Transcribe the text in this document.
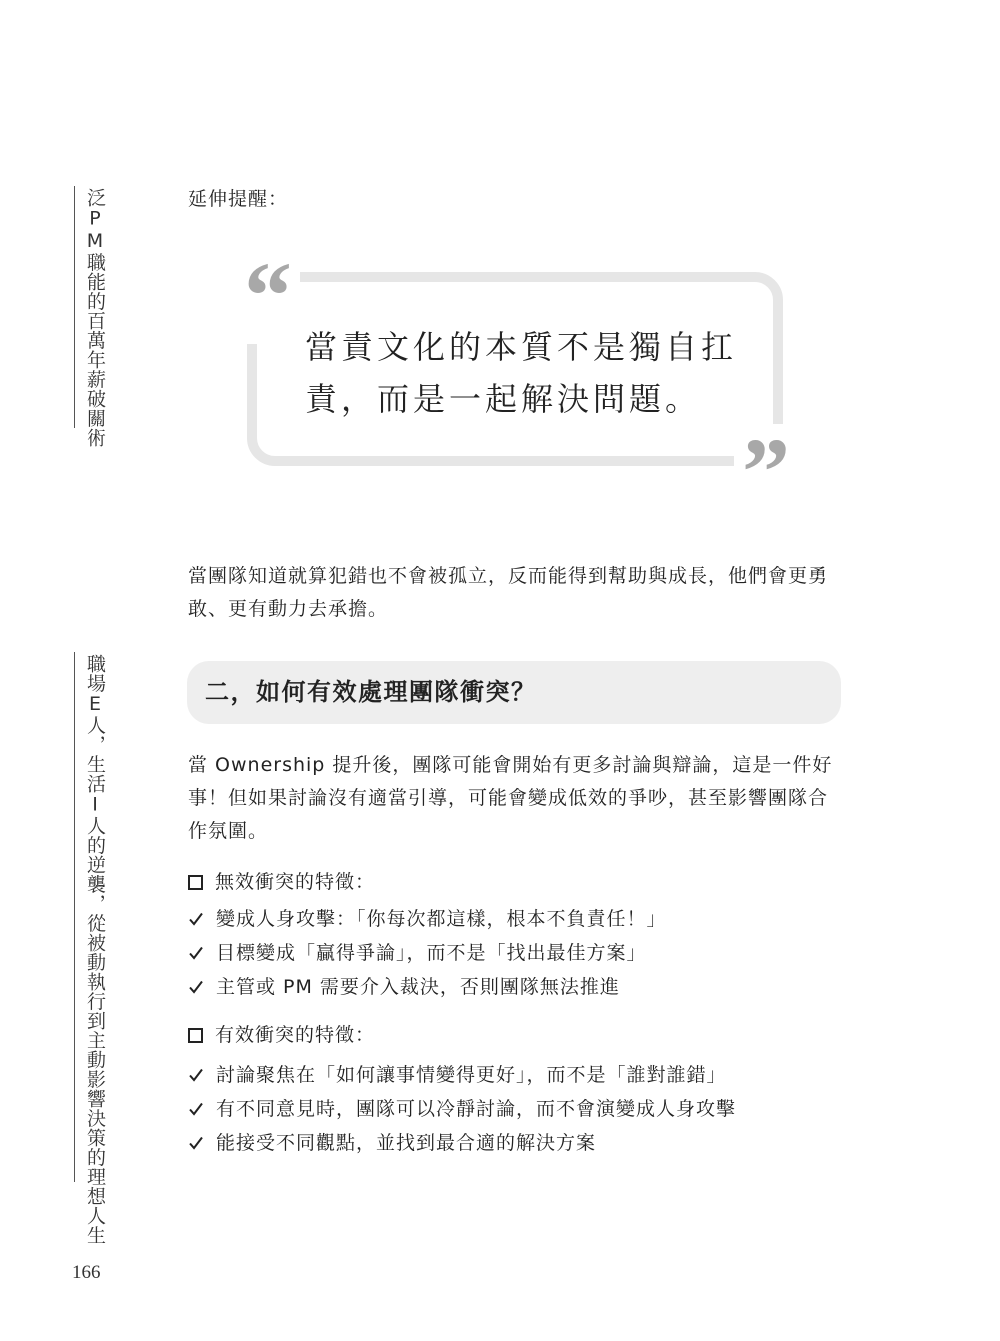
泛PM職能的百萬年薪破關術
職場E人，生活I人的逆襲，從被動執行到主動影響決策的理想人生
166

延伸提醒：

“
”
當責文化的本質不是獨自扛責，而是一起解決問題。

當團隊知道就算犯錯也不會被孤立，反而能得到幫助與成長，他們會更勇敢、更有動力去承擔。

二，如何有效處理團隊衝突？

當 Ownership 提升後，團隊可能會開始有更多討論與辯論，這是一件好事！但如果討論沒有適當引導，可能會變成低效的爭吵，甚至影響團隊合作氛圍。

無效衝突的特徵：
變成人身攻擊：「你每次都這樣，根本不負責任！」
目標變成「贏得爭論」，而不是「找出最佳方案」
主管或 PM 需要介入裁決，否則團隊無法推進
有效衝突的特徵：
討論聚焦在「如何讓事情變得更好」，而不是「誰對誰錯」
有不同意見時，團隊可以冷靜討論，而不會演變成人身攻擊
能接受不同觀點，並找到最合適的解決方案
